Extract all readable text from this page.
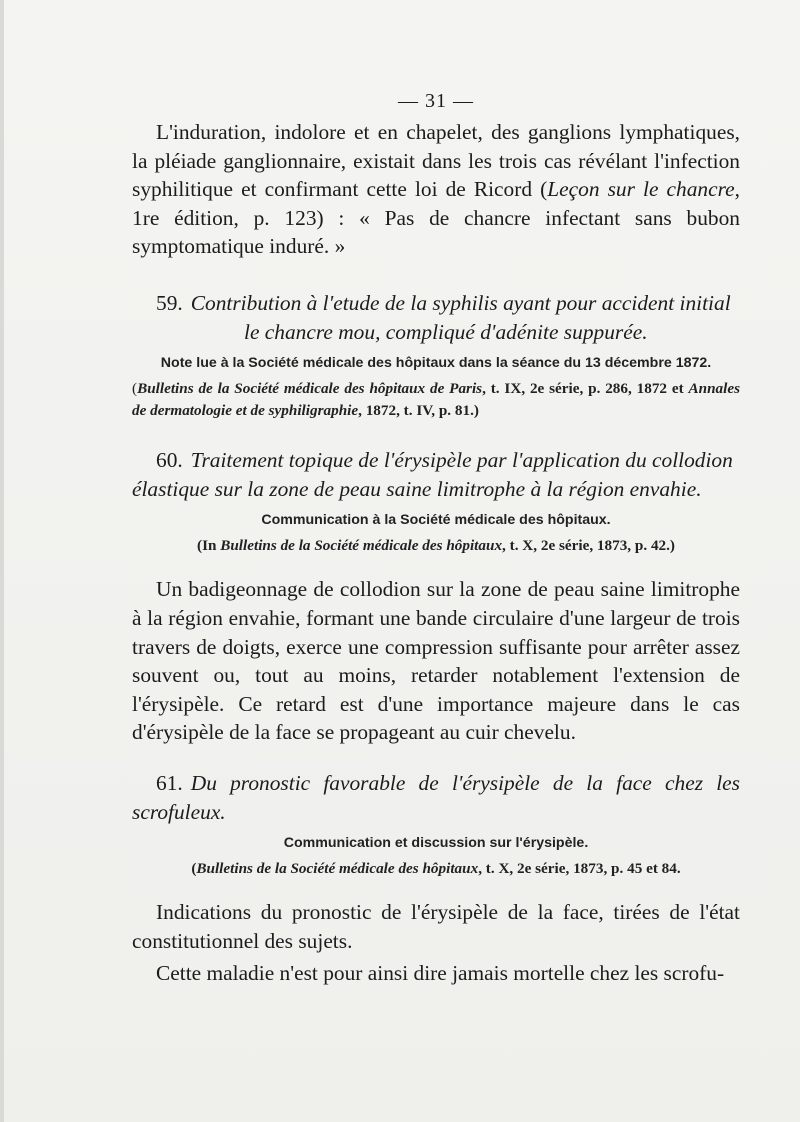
— 31 —

L'induration, indolore et en chapelet, des ganglions lymphatiques, la pléiade ganglionnaire, existait dans les trois cas révélant l'infection syphilitique et confirmant cette loi de Ricord (Leçon sur le chancre, 1re édition, p. 123) : « Pas de chancre infectant sans bubon symptomatique induré. »

59. Contribution à l'etude de la syphilis ayant pour accident initial
le chancre mou, compliqué d'adénite suppurée.

Note lue à la Société médicale des hôpitaux dans la séance du 13 décembre 1872.

(Bulletins de la Société médicale des hôpitaux de Paris, t. IX, 2e série, p. 286, 1872 et Annales de dermatologie et de syphiligraphie, 1872, t. IV, p. 81.)

60. Traitement topique de l'érysipèle par l'application du collodion
élastique sur la zone de peau saine limitrophe à la région envahie.

Communication à la Société médicale des hôpitaux.

(In Bulletins de la Société médicale des hôpitaux, t. X, 2e série, 1873, p. 42.)

Un badigeonnage de collodion sur la zone de peau saine limitrophe à la région envahie, formant une bande circulaire d'une largeur de trois travers de doigts, exerce une compression suffisante pour arrêter assez souvent ou, tout au moins, retarder notablement l'extension de l'érysipèle. Ce retard est d'une importance majeure dans le cas d'érysipèle de la face se propageant au cuir chevelu.

61. Du pronostic favorable de l'érysipèle de la face chez les scrofuleux.

Communication et discussion sur l'érysipèle.

(Bulletins de la Société médicale des hôpitaux, t. X, 2e série, 1873, p. 45 et 84.

Indications du pronostic de l'érysipèle de la face, tirées de l'état constitutionnel des sujets.

Cette maladie n'est pour ainsi dire jamais mortelle chez les scrofu-
